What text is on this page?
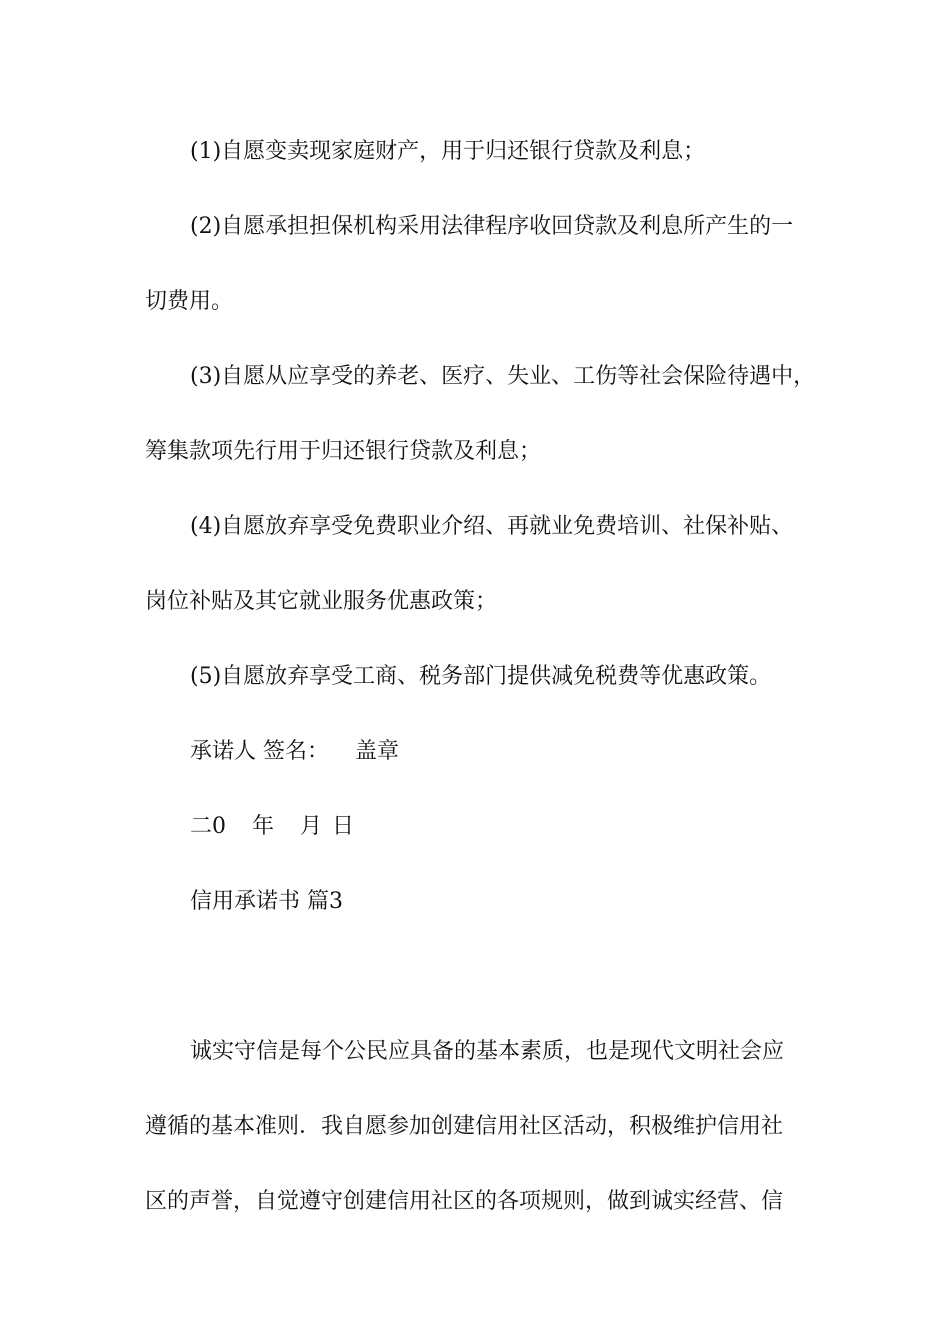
(1)自愿变卖现家庭财产，用于归还银行贷款及利息；
(2)自愿承担担保机构采用法律程序收回贷款及利息所产生的一
切费用。
(3)自愿从应享受的养老、医疗、失业、工伤等社会保险待遇中，
筹集款项先行用于归还银行贷款及利息；
(4)自愿放弃享受免费职业介绍、再就业免费培训、社保补贴、
岗位补贴及其它就业服务优惠政策；
(5)自愿放弃享受工商、税务部门提供减免税费等优惠政策。
承诺人 签名： 盖章
二0 年 月 日
信用承诺书 篇3
诚实守信是每个公民应具备的基本素质，也是现代文明社会应
遵循的基本准则．我自愿参加创建信用社区活动，积极维护信用社
区的声誉，自觉遵守创建信用社区的各项规则，做到诚实经营、信
